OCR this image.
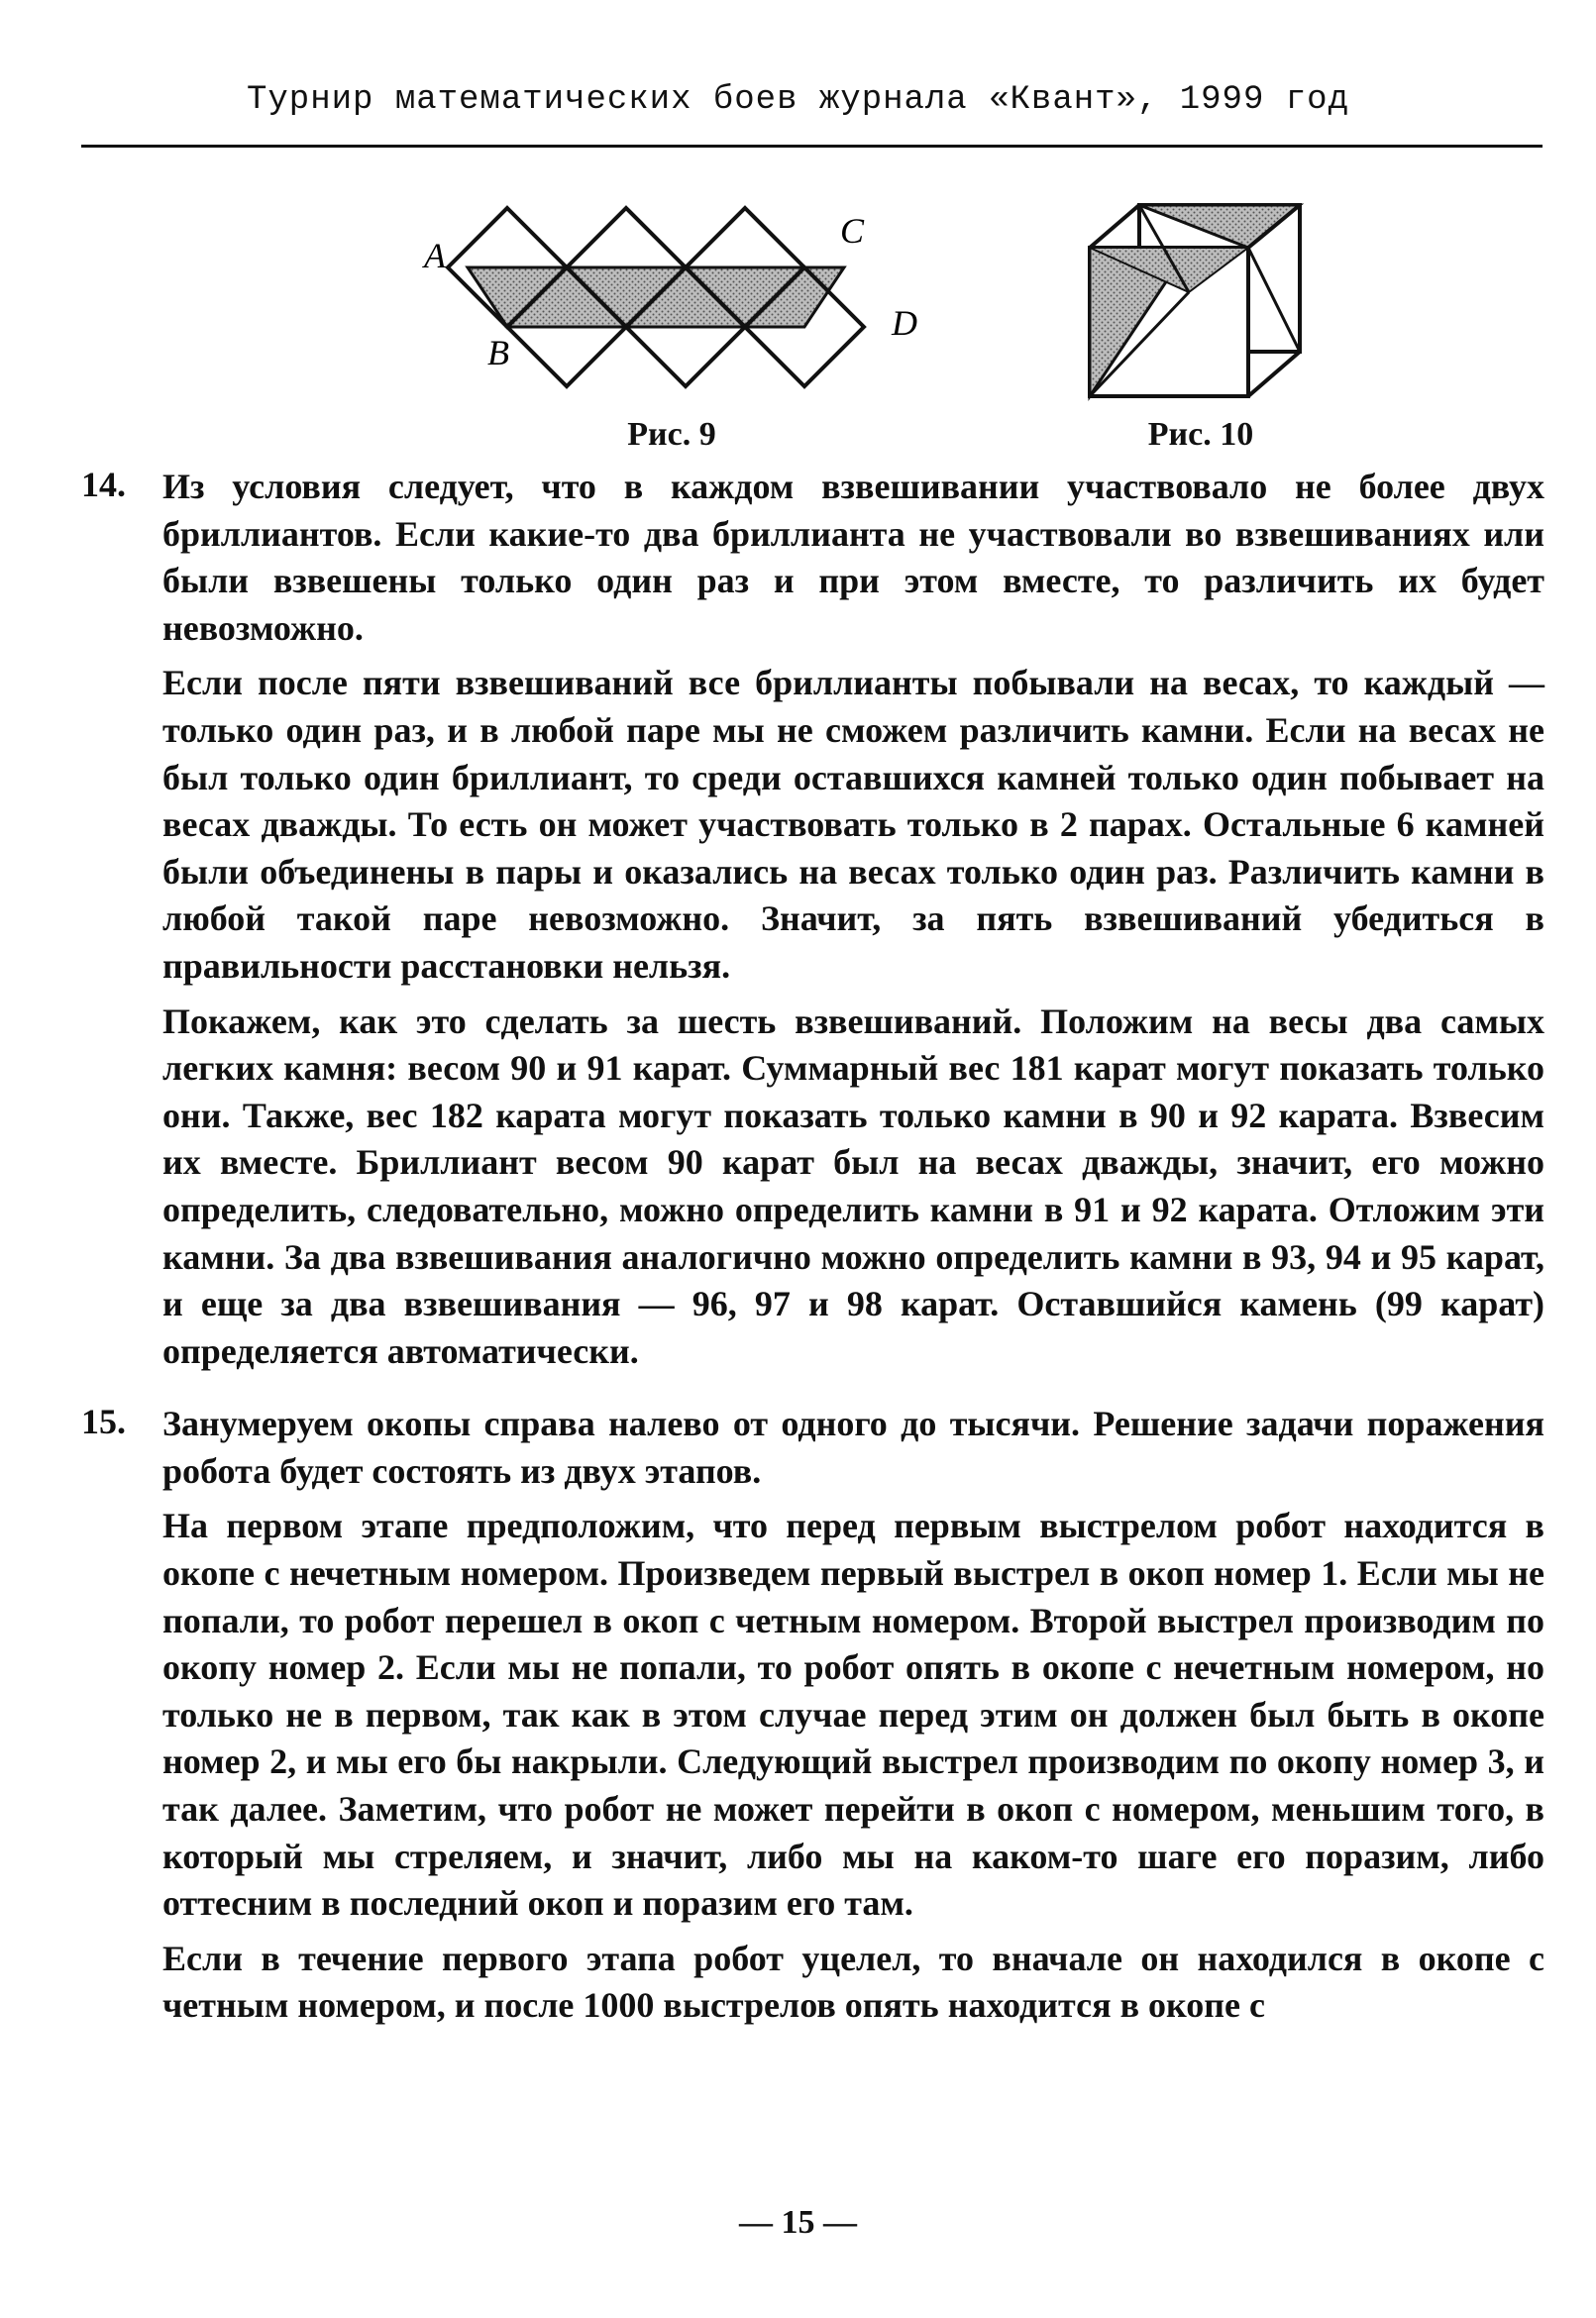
Турнир математических боев журнала «Квант», 1999 год
A
B
C
D
Рис. 9	Рис. 10
14.	Из условия следует, что в каждом взвешивании участвовало не более двух бриллиантов. Если какие-то два бриллианта не участвовали во взвешиваниях или были взвешены только один раз и при этом вместе, то различить их будет невозможно.

Если после пяти взвешиваний все бриллианты побывали на весах, то каждый — только один раз, и в любой паре мы не сможем различить камни. Если на весах не был только один бриллиант, то среди оставшихся камней только один побывает на весах дважды. То есть он может участвовать только в 2 парах. Остальные 6 камней были объединены в пары и оказались на весах только один раз. Различить камни в любой такой паре невозможно. Значит, за пять взвешиваний убедиться в правильности расстановки нельзя.

Покажем, как это сделать за шесть взвешиваний. Положим на весы два самых легких камня: весом 90 и 91 карат. Суммарный вес 181 карат могут показать только они. Также, вес 182 карата могут показать только камни в 90 и 92 карата. Взвесим их вместе. Бриллиант весом 90 карат был на весах дважды, значит, его можно определить, следовательно, можно определить камни в 91 и 92 карата. Отложим эти камни. За два взвешивания аналогично можно определить камни в 93, 94 и 95 карат, и еще за два взвешивания — 96, 97 и 98 карат. Оставшийся камень (99 карат) определяется автоматически.

15.	Занумеруем окопы справа налево от одного до тысячи. Решение задачи поражения робота будет состоять из двух этапов.

На первом этапе предположим, что перед первым выстрелом робот находится в окопе с нечетным номером. Произведем первый выстрел в окоп номер 1. Если мы не попали, то робот перешел в окоп с четным номером. Второй выстрел производим по окопу номер 2. Если мы не попали, то робот опять в окопе с нечетным номером, но только не в первом, так как в этом случае перед этим он должен был быть в окопе номер 2, и мы его бы накрыли. Следующий выстрел производим по окопу номер 3, и так далее. Заметим, что робот не может перейти в окоп с номером, меньшим того, в который мы стреляем, и значит, либо мы на каком-то шаге его поразим, либо оттесним в последний окоп и поразим его там.

Если в течение первого этапа робот уцелел, то вначале он находился в окопе с четным номером, и после 1000 выстрелов опять находится в окопе с

— 15 —
